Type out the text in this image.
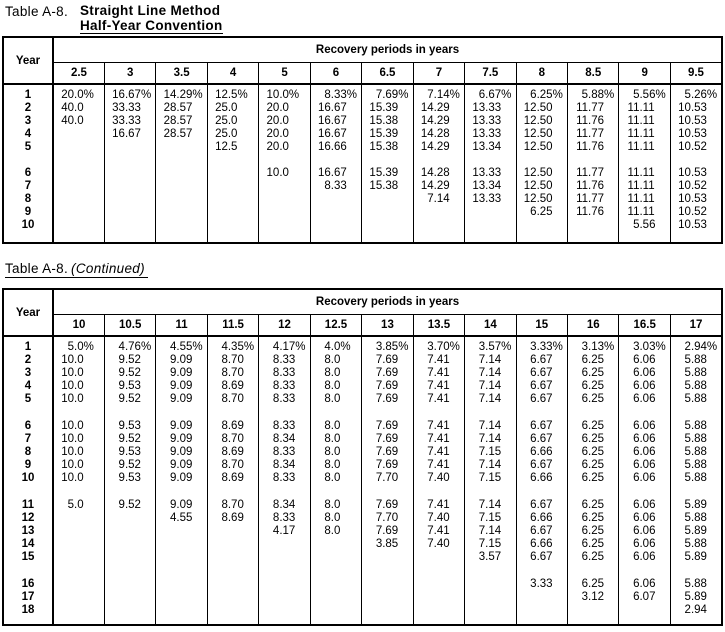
Table A-8. Straight Line Method
Half-Year Convention
Year	Recovery periods in years												
	2.5	3	3.5	4	5	6	6.5	7	7.5	8	8.5	9	9.5
1	20.0%	16.67%	14.29%	12.5%	10.0%	8.33%	7.69%	7.14%	6.67%	6.25%	5.88%	5.56%	5.26%
2	40.0	33.33	28.57	25.0	20.0	16.67	15.39	14.29	13.33	12.50	11.77	11.11	10.53
3	40.0	33.33	28.57	25.0	20.0	16.67	15.38	14.29	13.33	12.50	11.76	11.11	10.53
4		16.67	28.57	25.0	20.0	16.67	15.39	14.28	13.33	12.50	11.77	11.11	10.53
5				12.5	20.0	16.66	15.38	14.29	13.34	12.50	11.76	11.11	10.52

6					10.0	16.67	15.39	14.28	13.33	12.50	11.77	11.11	10.53
7						8.33	15.38	14.29	13.34	12.50	11.76	11.11	10.52
8								7.14	13.33	12.50	11.77	11.11	10.53
9										6.25	11.76	11.11	10.52
10												5.56	10.53

Table A-8. (Continued)
Year	Recovery periods in years												
	10	10.5	11	11.5	12	12.5	13	13.5	14	15	16	16.5	17
1	5.0%	4.76%	4.55%	4.35%	4.17%	4.0%	3.85%	3.70%	3.57%	3.33%	3.13%	3.03%	2.94%
2	10.0	9.52	9.09	8.70	8.33	8.0	7.69	7.41	7.14	6.67	6.25	6.06	5.88
3	10.0	9.52	9.09	8.70	8.33	8.0	7.69	7.41	7.14	6.67	6.25	6.06	5.88
4	10.0	9.53	9.09	8.69	8.33	8.0	7.69	7.41	7.14	6.67	6.25	6.06	5.88
5	10.0	9.52	9.09	8.70	8.33	8.0	7.69	7.41	7.14	6.67	6.25	6.06	5.88

6	10.0	9.53	9.09	8.69	8.33	8.0	7.69	7.41	7.14	6.67	6.25	6.06	5.88
7	10.0	9.52	9.09	8.70	8.34	8.0	7.69	7.41	7.14	6.67	6.25	6.06	5.88
8	10.0	9.53	9.09	8.69	8.33	8.0	7.69	7.41	7.15	6.66	6.25	6.06	5.88
9	10.0	9.52	9.09	8.70	8.34	8.0	7.69	7.41	7.14	6.67	6.25	6.06	5.88
10	10.0	9.53	9.09	8.69	8.33	8.0	7.70	7.40	7.15	6.66	6.25	6.06	5.88

11	5.0	9.52	9.09	8.70	8.34	8.0	7.69	7.41	7.14	6.67	6.25	6.06	5.89
12			4.55	8.69	8.33	8.0	7.70	7.40	7.15	6.66	6.25	6.06	5.88
13					4.17	8.0	7.69	7.41	7.14	6.67	6.25	6.06	5.89
14							3.85	7.40	7.15	6.66	6.25	6.06	5.88
15									3.57	6.67	6.25	6.06	5.89

16										3.33	6.25	6.06	5.88
17											3.12	6.07	5.89
18													2.94
